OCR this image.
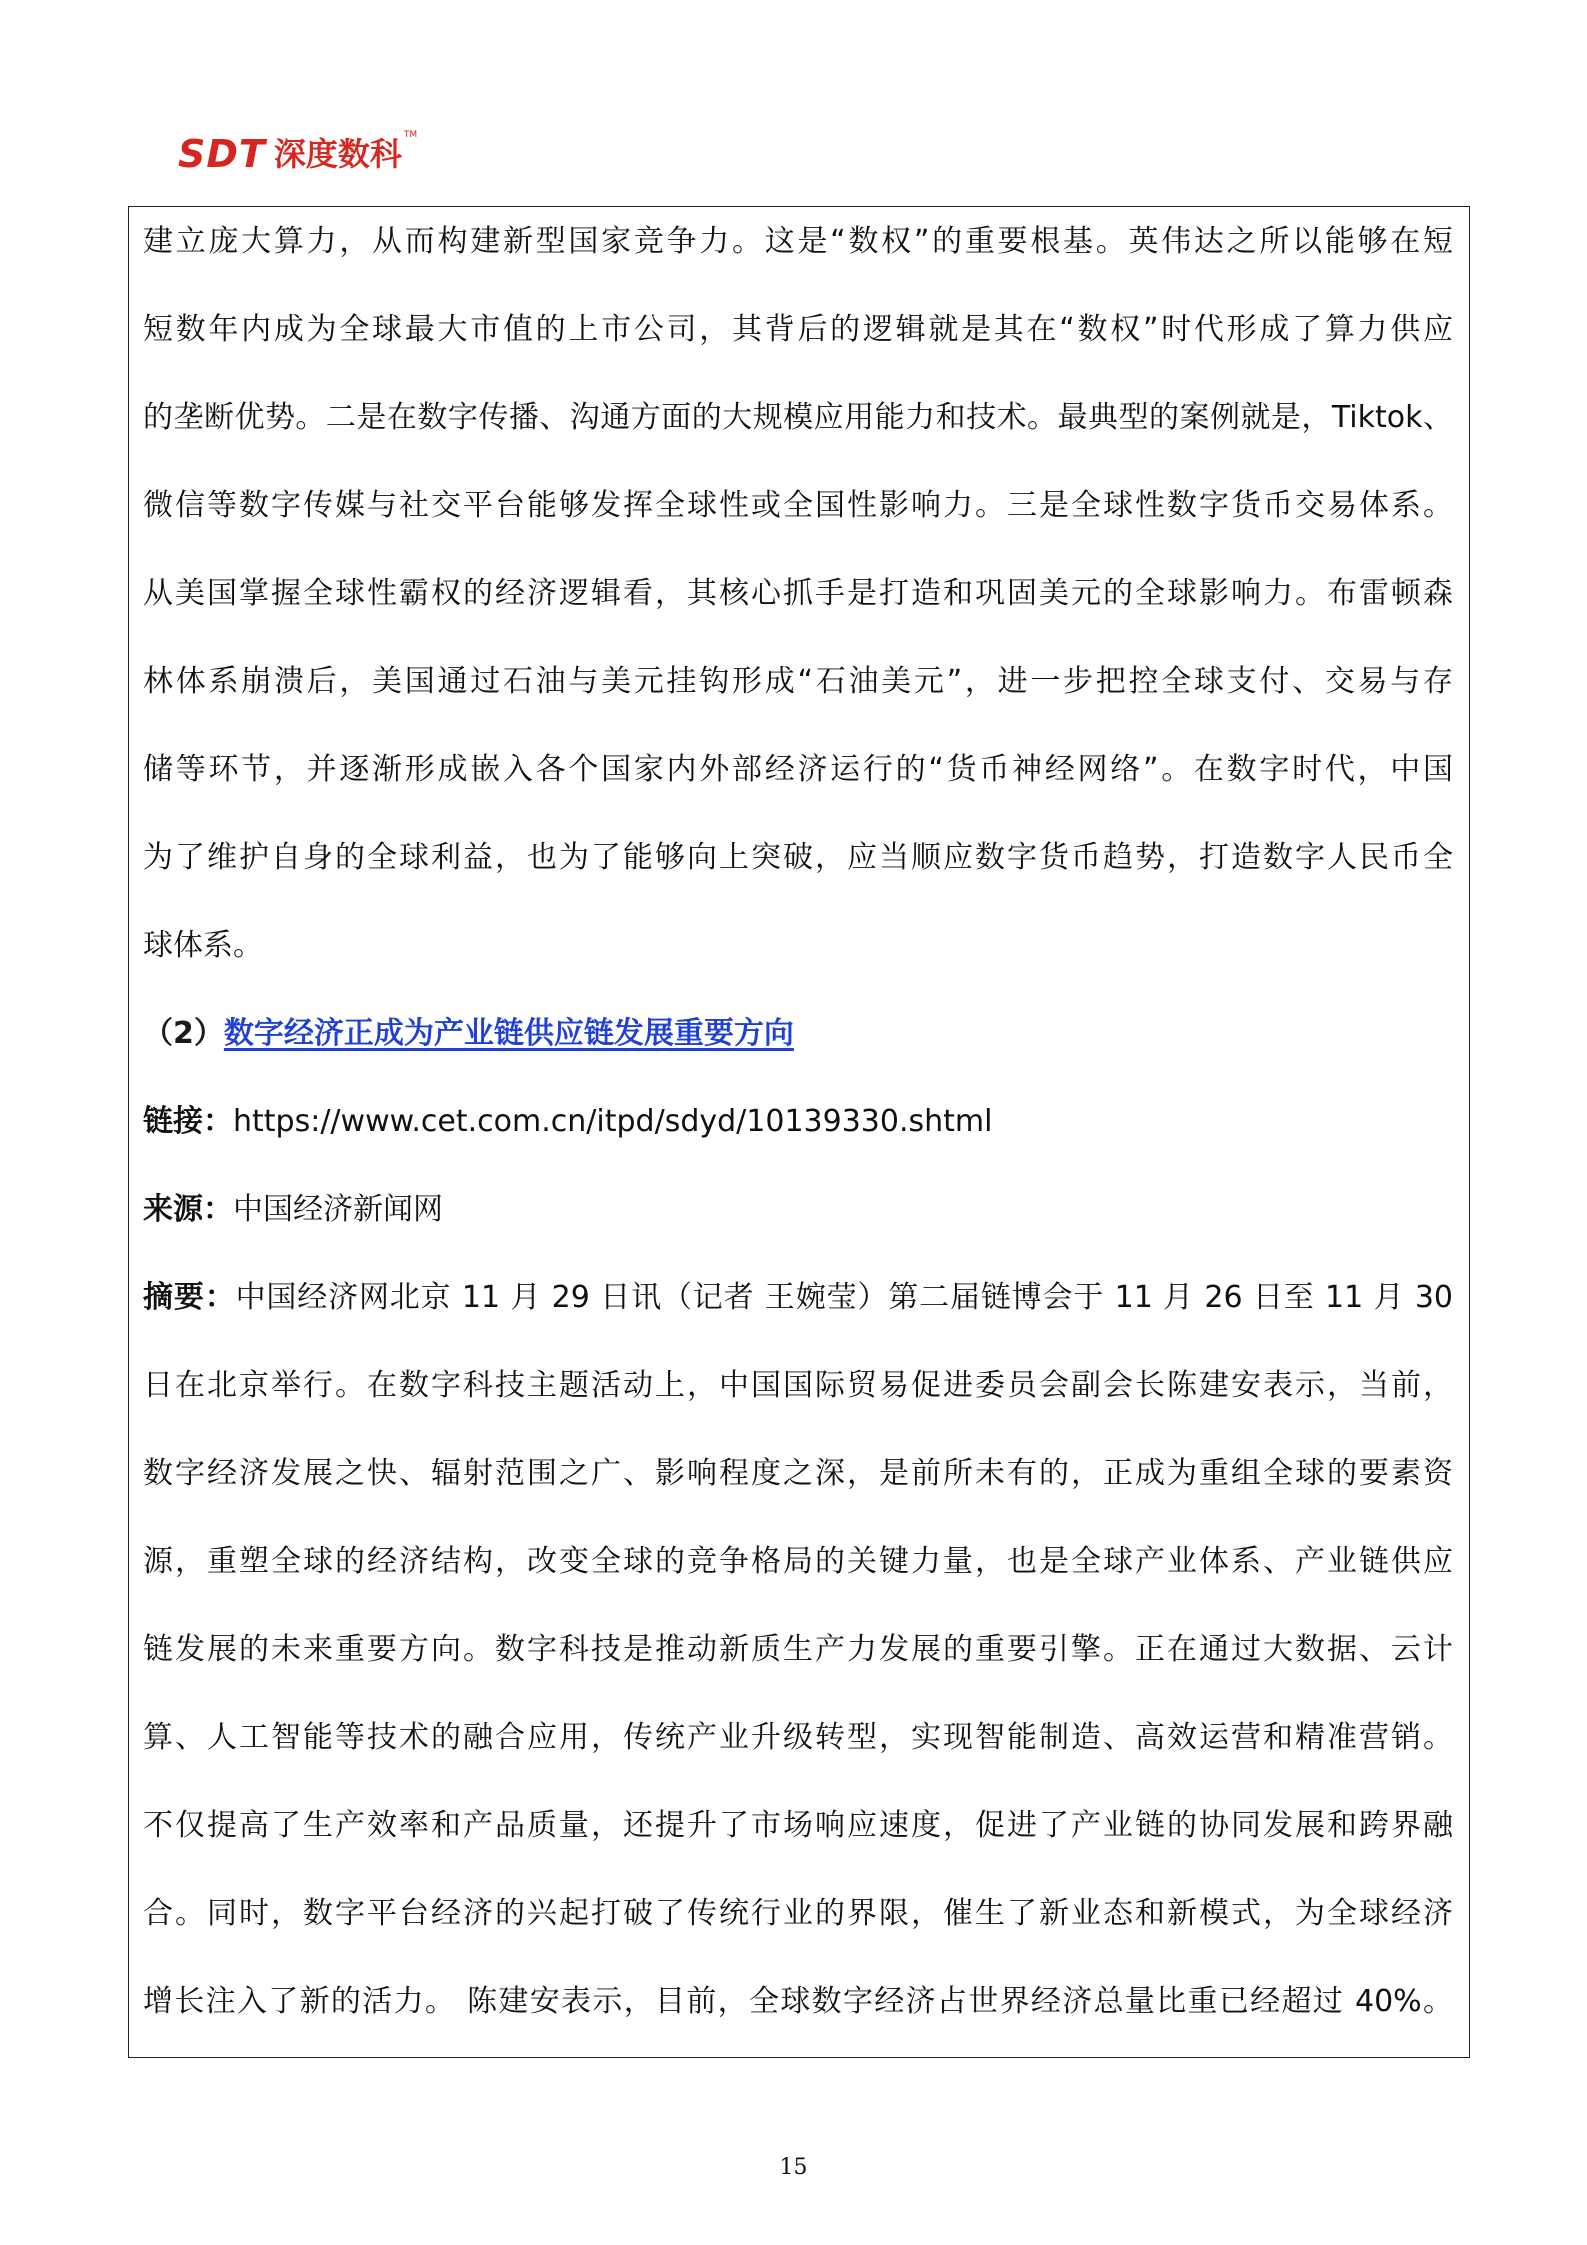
SDT 深度数科 TM
建立庞大算力，从而构建新型国家竞争力。这是“数权”的重要根基。英伟达之所以能够在短
短数年内成为全球最大市值的上市公司，其背后的逻辑就是其在“数权”时代形成了算力供应
的垄断优势。二是在数字传播、沟通方面的大规模应用能力和技术。最典型的案例就是，Tiktok、
微信等数字传媒与社交平台能够发挥全球性或全国性影响力。三是全球性数字货币交易体系。
从美国掌握全球性霸权的经济逻辑看，其核心抓手是打造和巩固美元的全球影响力。布雷顿森
林体系崩溃后，美国通过石油与美元挂钩形成“石油美元”，进一步把控全球支付、交易与存
储等环节，并逐渐形成嵌入各个国家内外部经济运行的“货币神经网络”。在数字时代，中国
为了维护自身的全球利益，也为了能够向上突破，应当顺应数字货币趋势，打造数字人民币全
球体系。
（2）数字经济正成为产业链供应链发展重要方向
链接：https://www.cet.com.cn/itpd/sdyd/10139330.shtml
来源：中国经济新闻网
摘要：中国经济网北京 11 月 29 日讯（记者 王婉莹）第二届链博会于 11 月 26 日至 11 月 30
日在北京举行。在数字科技主题活动上，中国国际贸易促进委员会副会长陈建安表示，当前，
数字经济发展之快、辐射范围之广、影响程度之深，是前所未有的，正成为重组全球的要素资
源，重塑全球的经济结构，改变全球的竞争格局的关键力量，也是全球产业体系、产业链供应
链发展的未来重要方向。数字科技是推动新质生产力发展的重要引擎。正在通过大数据、云计
算、人工智能等技术的融合应用，传统产业升级转型，实现智能制造、高效运营和精准营销。
不仅提高了生产效率和产品质量，还提升了市场响应速度，促进了产业链的协同发展和跨界融
合。同时，数字平台经济的兴起打破了传统行业的界限，催生了新业态和新模式，为全球经济
增长注入了新的活力。 陈建安表示，目前，全球数字经济占世界经济总量比重已经超过 40%。
15
